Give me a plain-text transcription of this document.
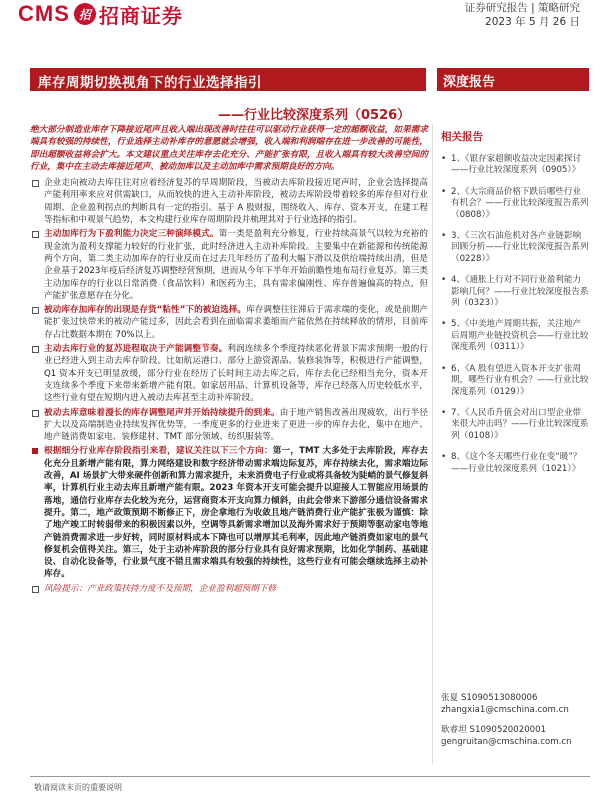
CMS 招 招商证券	证券研究报告 | 策略研究
2023 年 5 月 26 日
库存周期切换视角下的行业选择指引
——行业比较深度系列（0526）
深度报告

绝大部分制造业库存下降接近尾声且收入端出现改善时往往可以驱动行业获得一定的超额收益，如果需求端具有较强的持续性，行业选择主动补库存的意愿就会增强，收入端和利润端存在进一步改善的可能性，即出超额收益将会扩大。本文建议重点关注库存去化充分、产能扩张有限，且收入端具有较大改善空间的行业，集中在主动去库接近尾声、被动加库以及主动加库中需求预期良好的方向。

企业走向被动去库往往对应着经济复苏的早周期阶段，当被动去库阶段接近尾声时，企业会选择提高产能利用率来应对供需缺口，从而较快的进入主动补库阶段，被动去库阶段带着较多的库存但对行业周期、企业盈利拐点的判断具有一定的指引。基于 A 股财报，围绕收入、库存、资本开支，在建工程等指标和中观景气趋势，本文构建行业库存周期阶段并梳理其对于行业选择的指引。
主动加库行为下盈利能力决定三种演绎模式。第一类是盈利充分修复，行业持续高景气以较为充裕的现金流为盈利支撑能力较好的行业扩张，此时经济进入主动补库阶段。主要集中在新能源和传统能源两个方向，第二类主动加库存的行业反而在过去几年经历了盈利大幅下滑以及供给端持续出清，但是企业基于2023年疫后经济复苏调整经营预期，进而从今年下半年开始前瞻性地布局行业复苏。第三类主动加库存的行业以日常消费（食品饮料）和医药为主，具有需求偏刚性、库存普遍偏高的特点，但产能扩张意愿存在分化。
被动库存加库存的出现是存货“粘性”下的被迫选择。库存调整往往滞后于需求端的变化，或是前期产能扩张过快带来的被动产能过多，因此会看到在面临需求萎缩而产能依然在持续释放的情形，目前库存占比数据本期在 70%以上。
主动去库行业的复苏进程取决于产能调整节奏。利润连续多个季度持续恶化背景下需求预期一般的行业已经进入到主动去库存阶段。比如航运港口、部分上游资源品、装修装饰等，积极进行产能调整，Q1 资本开支已明显放缓，部分行业在经历了长时间主动去库之后，库存去化已经相当充分，资本开支连续多个季度下来带来新增产能有限。如家居用品、计算机设备等，库存已经落入历史较低水平，这些行业有望在短期内进入被动去库甚至主动补库阶段。
被动去库意味着漫长的库存调整尾声并开始持续提升的到来。由于地产销售改善出现疲软，出行半径扩大以及高端制造业持续发挥优势等，一季度更多的行业进来了更进一步的库存去化，集中在地产、地产链消费如家电、装修建材、TMT 部分领域、纺织服装等。
根据细分行业库存阶段指引来看，建议关注以下三个方向：第一，TMT 大多处于去库阶段，库存去化充分且新增产能有限，算力网络建设和数字经济带动需求端边际复苏，库存持续去化，需求端边际改善，AI 场景扩大带来硬件创新和算力需求提升，未来消费电子行业或将具备较为陡峭的景气修复斜率，计算机行业主动去库且新增产能有限。2023 年资本开支可能会提升以迎接人工智能应用场景的落地，通信行业库存去化较为充分，运营商资本开支向算力倾斜，由此会带来下游部分通信设备需求提升。第二，地产政策预期不断修正下，房企拿地行为收敛且地产链消费行业产能扩张极为谨慎：除了地产竣工时转弱带来的积极因素以外，空调等具新需求增加以及海外需求好于预期等驱动家电等地产链消费需求进一步好转，同时原材料成本下降也可以增厚其毛利率，因此地产链消费如家电的景气修复机会值得关注。第三，处于主动补库阶段的部分行业具有良好需求预期，比如化学制药、基础建设、自动化设备等，行业景气度不错且需求端具有较强的持续性，这些行业有可能会继续选择主动补库存。
风险提示：产业政策扶持力度不及预期，企业盈利超预期下修
相关报告
• 1、《银存家超额收益决定因素探讨——行业比较深度系列（0905）》
• 2、《大宗商品价格下跌后哪些行业有机会？——行业比较深度报告系列（0808）》
• 3、《三次石油危机对各产业链影响回顾分析——行业比较深度报告系列（0228）》
• 4、《通胀上行对不同行业盈利能力影响几何？——行业比较深度报告系列（0323）》
• 5、《中美地产周期共振，关注地产后周期产业链投资机会——行业比较深度系列（0311）》
• 6、《A 股有望进入资本开支扩张周期，哪些行业有机会？——行业比较深度系列（0129）》
• 7、《人民币升值会对出口型企业带来很大冲击吗？——行业比较深度系列（0108）》
• 8、《这个冬天哪些行业在变“暖”？——行业比较深度系列（1021）》
张夏 S1090513080006
zhangxia1@cmschina.com.cn
耿睿坦 S1090520020001
gengruitan@cmschina.com.cn
敬请阅读末页的重要说明
